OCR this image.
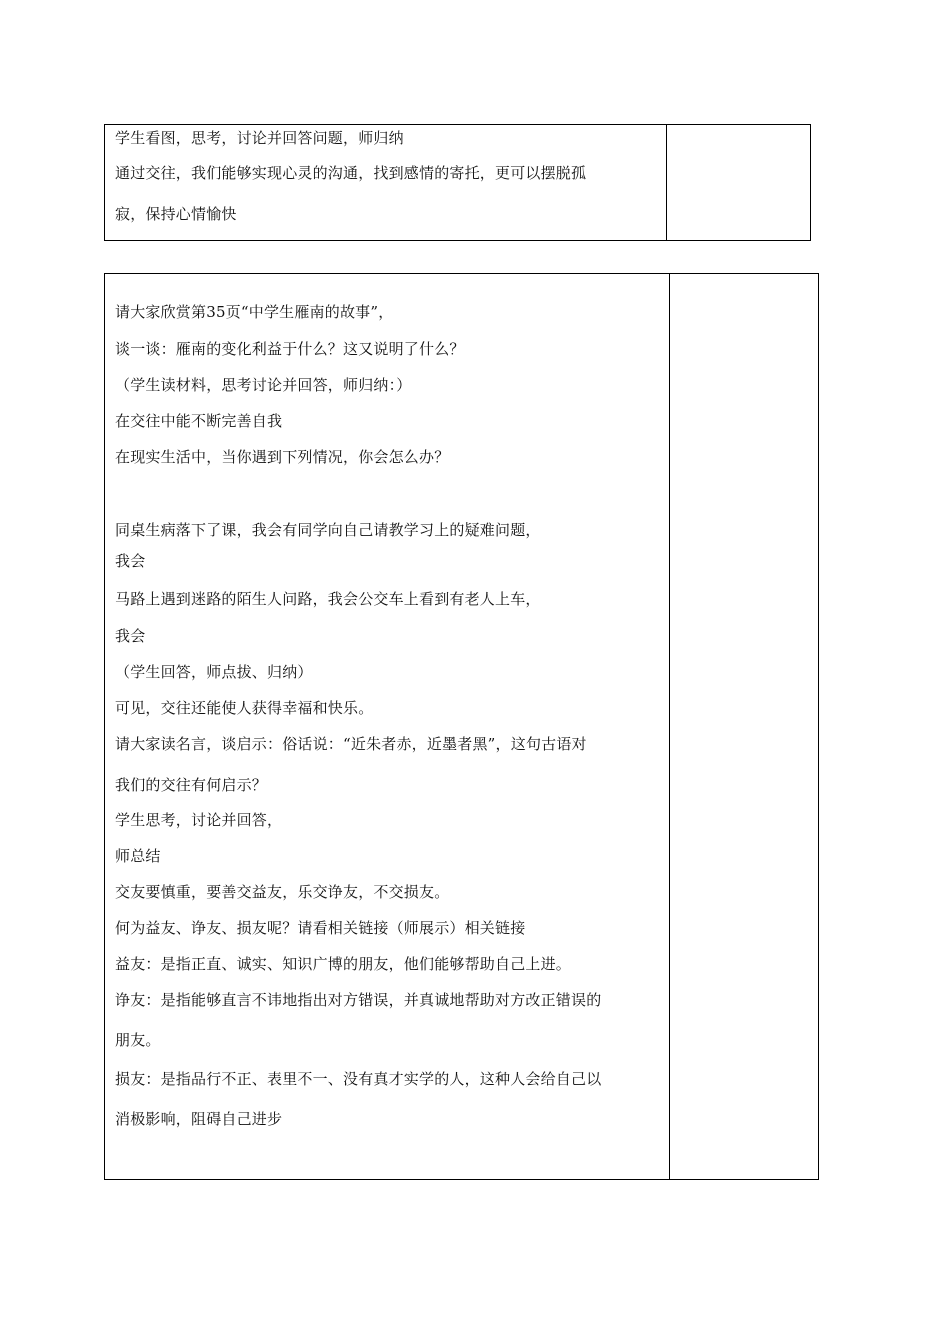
学生看图，思考，讨论并回答问题，师归纳
通过交往，我们能够实现心灵的沟通，找到感情的寄托，更可以摆脱孤
寂，保持心情愉快
请大家欣赏第35页“中学生雁南的故事”，
谈一谈：雁南的变化利益于什么？这又说明了什么？
（学生读材料，思考讨论并回答，师归纳：）
在交往中能不断完善自我
在现实生活中，当你遇到下列情况，你会怎么办？
同桌生病落下了课，我会有同学向自己请教学习上的疑难问题，
我会
马路上遇到迷路的陌生人问路，我会公交车上看到有老人上车，
我会
（学生回答，师点拔、归纳）
可见，交往还能使人获得幸福和快乐。
请大家读名言，谈启示：俗话说：“近朱者赤，近墨者黑”，这句古语对
我们的交往有何启示？
学生思考，讨论并回答，
师总结
交友要慎重，要善交益友，乐交诤友，不交损友。
何为益友、诤友、损友呢？请看相关链接（师展示）相关链接
益友：是指正直、诚实、知识广博的朋友，他们能够帮助自己上进。
诤友：是指能够直言不讳地指出对方错误，并真诚地帮助对方改正错误的
朋友。
损友：是指品行不正、表里不一、没有真才实学的人，这种人会给自己以
消极影响，阻碍自己进步
